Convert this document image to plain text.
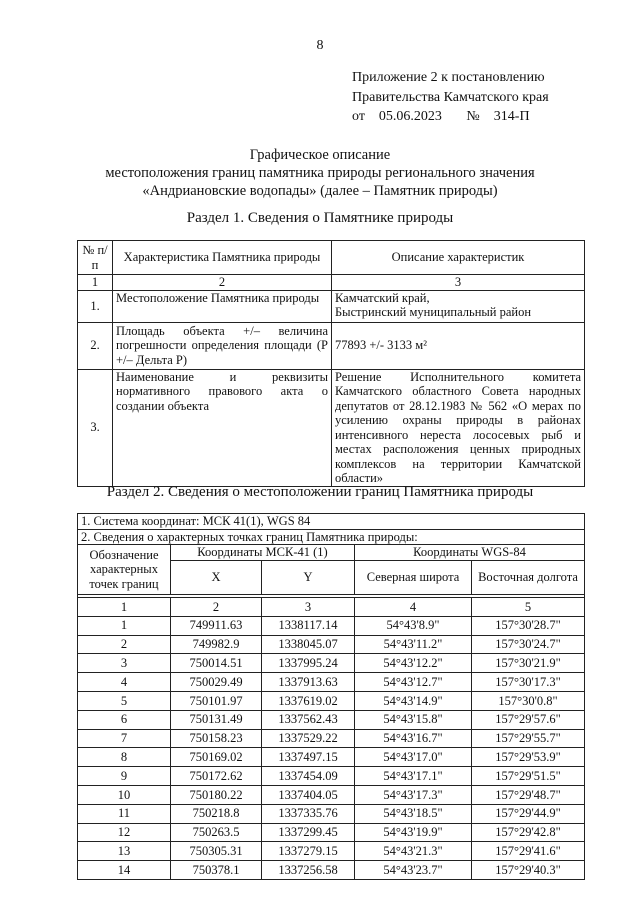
8
Приложение 2 к постановлению
Правительства Камчатского края
от    05.06.2023       №    314-П
Графическое описание
местоположения границ памятника природы регионального значения
«Андриановские водопады» (далее – Памятник природы)
Раздел 1. Сведения о Памятнике природы
№ п/п	Характеристика Памятника природы	Описание характеристик
1	2	3
1.	Местоположение Памятника природы	Камчатский край,
Быстринский муниципальный район

2.	Площадь объекта +/– величина погрешности определения площади (P +/– Дельта P)	77893 +/- 3133 м²
3.	Наименование и реквизиты нормативного правового акта о создании объекта	Решение Исполнительного комитета Камчатского областного Совета народных депутатов от 28.12.1983 № 562 «О мерах по усилению охраны природы в районах интенсивного нереста лососевых рыб и местах расположения ценных природных комплексов на территории Камчатской области»
Раздел 2. Сведения о местоположении границ Памятника природы
1. Система координат: МСК 41(1), WGS 84				
2. Сведения о характерных точках границ Памятника природы:				
Обозначение характерных точек границ	Координаты МСК-41 (1)		Координаты WGS-84	
	X	Y	Северная широта	Восточная долгота

1	2	3	4	5
1	749911.63	1338117.14	54°43'8.9"	157°30'28.7"
2	749982.9	1338045.07	54°43'11.2"	157°30'24.7"
3	750014.51	1337995.24	54°43'12.2"	157°30'21.9"
4	750029.49	1337913.63	54°43'12.7"	157°30'17.3"
5	750101.97	1337619.02	54°43'14.9"	157°30'0.8"
6	750131.49	1337562.43	54°43'15.8"	157°29'57.6"
7	750158.23	1337529.22	54°43'16.7"	157°29'55.7"
8	750169.02	1337497.15	54°43'17.0"	157°29'53.9"
9	750172.62	1337454.09	54°43'17.1"	157°29'51.5"
10	750180.22	1337404.05	54°43'17.3"	157°29'48.7"
11	750218.8	1337335.76	54°43'18.5"	157°29'44.9"
12	750263.5	1337299.45	54°43'19.9"	157°29'42.8"
13	750305.31	1337279.15	54°43'21.3"	157°29'41.6"
14	750378.1	1337256.58	54°43'23.7"	157°29'40.3"
